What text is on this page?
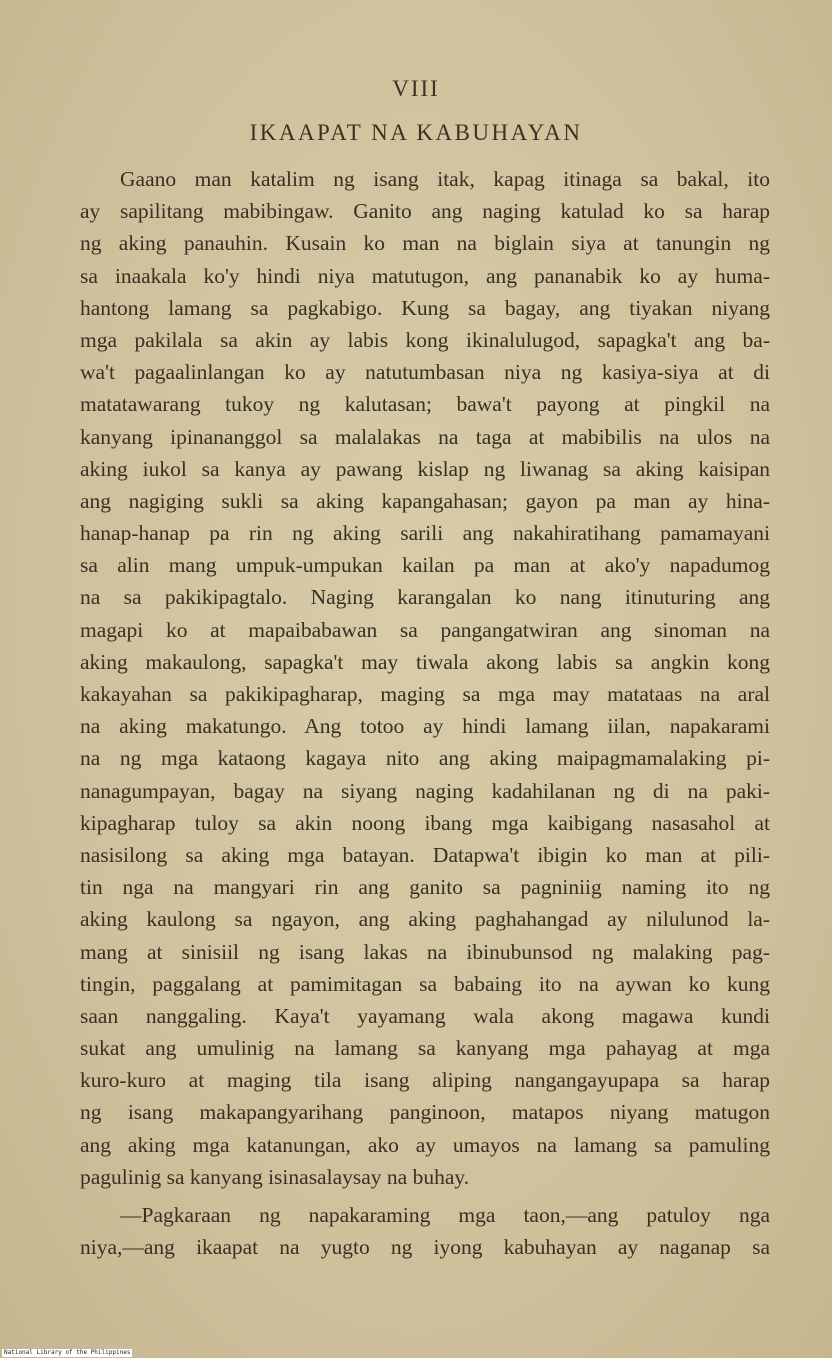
VIII
IKAAPAT NA KABUHAYAN
Gaano man katalim ng isang itak, kapag itinaga sa bakal, ito
ay sapilitang mabibingaw. Ganito ang naging katulad ko sa harap
ng aking panauhin. Kusain ko man na biglain siya at tanungin ng
sa inaakala ko'y hindi niya matutugon, ang pananabik ko ay huma-
hantong lamang sa pagkabigo. Kung sa bagay, ang tiyakan niyang
mga pakilala sa akin ay labis kong ikinalulugod, sapagka't ang ba-
wa't pagaalinlangan ko ay natutumbasan niya ng kasiya-siya at di
matatawarang tukoy ng kalutasan; bawa't payong at pingkil na
kanyang ipinananggol sa malalakas na taga at mabibilis na ulos na
aking iukol sa kanya ay pawang kislap ng liwanag sa aking kaisipan
ang nagiging sukli sa aking kapangahasan; gayon pa man ay hina-
hanap-hanap pa rin ng aking sarili ang nakahiratihang pamamayani
sa alin mang umpuk-umpukan kailan pa man at ako'y napadumog
na sa pakikipagtalo. Naging karangalan ko nang itinuturing ang
magapi ko at mapaibabawan sa pangangatwiran ang sinoman na
aking makaulong, sapagka't may tiwala akong labis sa angkin kong
kakayahan sa pakikipagharap, maging sa mga may matataas na aral
na aking makatungo. Ang totoo ay hindi lamang iilan, napakarami
na ng mga kataong kagaya nito ang aking maipagmamalaking pi-
nanagumpayan, bagay na siyang naging kadahilanan ng di na paki-
kipagharap tuloy sa akin noong ibang mga kaibigang nasasahol at
nasisilong sa aking mga batayan. Datapwa't ibigin ko man at pili-
tin nga na mangyari rin ang ganito sa pagniniig naming ito ng
aking kaulong sa ngayon, ang aking paghahangad ay nilulunod la-
mang at sinisiil ng isang lakas na ibinubunsod ng malaking pag-
tingin, paggalang at pamimitagan sa babaing ito na aywan ko kung
saan nanggaling. Kaya't yayamang wala akong magawa kundi
sukat ang umulinig na lamang sa kanyang mga pahayag at mga
kuro-kuro at maging tila isang aliping nangangayupapa sa harap
ng isang makapangyarihang panginoon, matapos niyang matugon
ang aking mga katanungan, ako ay umayos na lamang sa pamuling
pagulinig sa kanyang isinasalaysay na buhay.
—Pagkaraan ng napakaraming mga taon,—ang patuloy nga
niya,—ang ikaapat na yugto ng iyong kabuhayan ay naganap sa
National Library of the Philippines
